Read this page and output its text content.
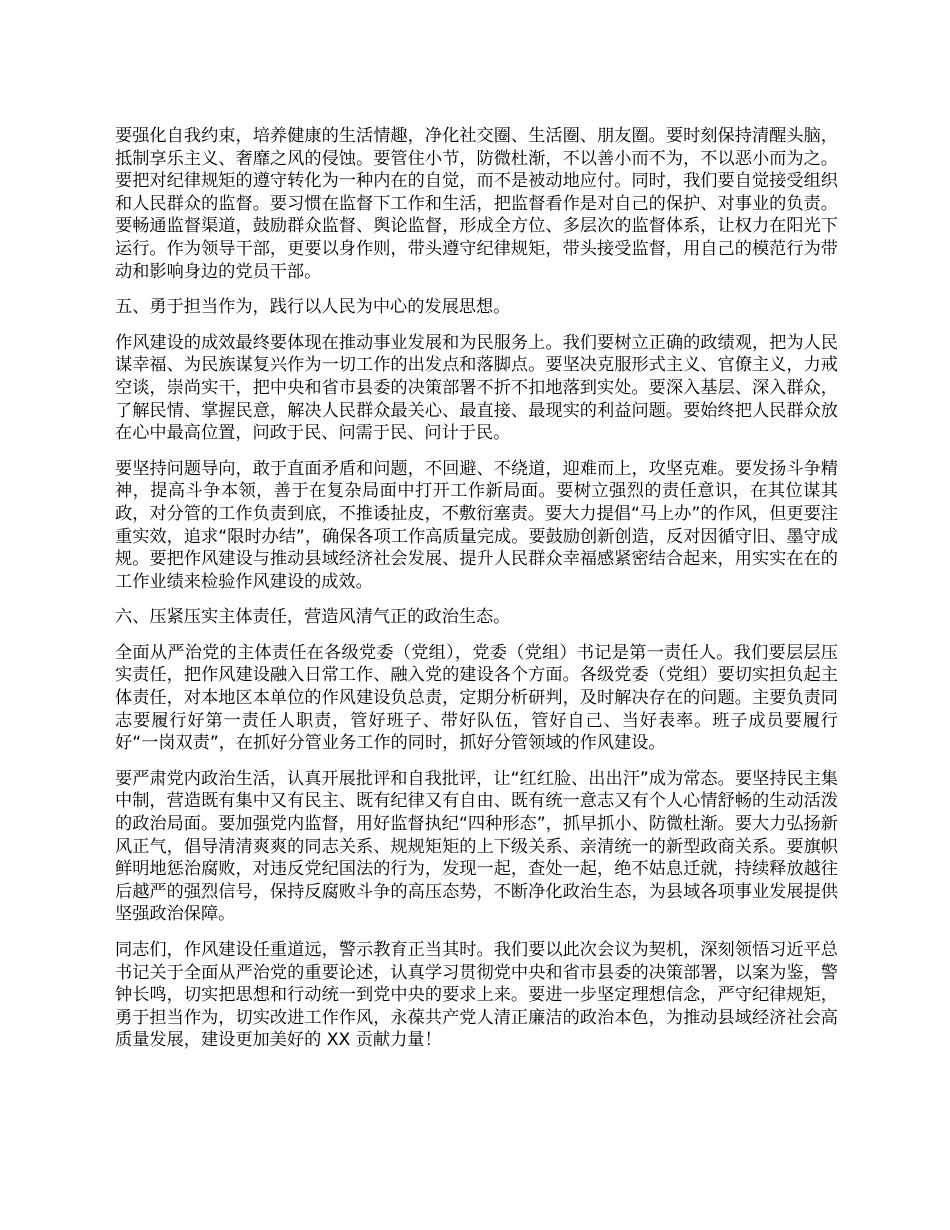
要强化自我约束，培养健康的生活情趣，净化社交圈、生活圈、朋友圈。要时刻保持清醒头脑，抵制享乐主义、奢靡之风的侵蚀。要管住小节，防微杜渐，不以善小而不为，不以恶小而为之。要把对纪律规矩的遵守转化为一种内在的自觉，而不是被动地应付。同时，我们要自觉接受组织和人民群众的监督。要习惯在监督下工作和生活，把监督看作是对自己的保护、对事业的负责。要畅通监督渠道，鼓励群众监督、舆论监督，形成全方位、多层次的监督体系，让权力在阳光下运行。作为领导干部，更要以身作则，带头遵守纪律规矩，带头接受监督，用自己的模范行为带动和影响身边的党员干部。

五、勇于担当作为，践行以人民为中心的发展思想。

作风建设的成效最终要体现在推动事业发展和为民服务上。我们要树立正确的政绩观，把为人民谋幸福、为民族谋复兴作为一切工作的出发点和落脚点。要坚决克服形式主义、官僚主义，力戒空谈，崇尚实干，把中央和省市县委的决策部署不折不扣地落到实处。要深入基层、深入群众，了解民情、掌握民意，解决人民群众最关心、最直接、最现实的利益问题。要始终把人民群众放在心中最高位置，问政于民、问需于民、问计于民。

要坚持问题导向，敢于直面矛盾和问题，不回避、不绕道，迎难而上，攻坚克难。要发扬斗争精神，提高斗争本领，善于在复杂局面中打开工作新局面。要树立强烈的责任意识，在其位谋其政，对分管的工作负责到底，不推诿扯皮，不敷衍塞责。要大力提倡“马上办”的作风，但更要注重实效，追求“限时办结”，确保各项工作高质量完成。要鼓励创新创造，反对因循守旧、墨守成规。要把作风建设与推动县域经济社会发展、提升人民群众幸福感紧密结合起来，用实实在在的工作业绩来检验作风建设的成效。

六、压紧压实主体责任，营造风清气正的政治生态。

全面从严治党的主体责任在各级党委（党组），党委（党组）书记是第一责任人。我们要层层压实责任，把作风建设融入日常工作、融入党的建设各个方面。各级党委（党组）要切实担负起主体责任，对本地区本单位的作风建设负总责，定期分析研判，及时解决存在的问题。主要负责同志要履行好第一责任人职责，管好班子、带好队伍，管好自己、当好表率。班子成员要履行好“一岗双责”，在抓好分管业务工作的同时，抓好分管领域的作风建设。

要严肃党内政治生活，认真开展批评和自我批评，让“红红脸、出出汗”成为常态。要坚持民主集中制，营造既有集中又有民主、既有纪律又有自由、既有统一意志又有个人心情舒畅的生动活泼的政治局面。要加强党内监督，用好监督执纪“四种形态”，抓早抓小、防微杜渐。要大力弘扬新风正气，倡导清清爽爽的同志关系、规规矩矩的上下级关系、亲清统一的新型政商关系。要旗帜鲜明地惩治腐败，对违反党纪国法的行为，发现一起，查处一起，绝不姑息迁就，持续释放越往后越严的强烈信号，保持反腐败斗争的高压态势，不断净化政治生态，为县域各项事业发展提供坚强政治保障。

同志们，作风建设任重道远，警示教育正当其时。我们要以此次会议为契机，深刻领悟习近平总书记关于全面从严治党的重要论述，认真学习贯彻党中央和省市县委的决策部署，以案为鉴，警钟长鸣，切实把思想和行动统一到党中央的要求上来。要进一步坚定理想信念，严守纪律规矩，勇于担当作为，切实改进工作作风，永葆共产党人清正廉洁的政治本色，为推动县域经济社会高质量发展，建设更加美好的 XX 贡献力量！
